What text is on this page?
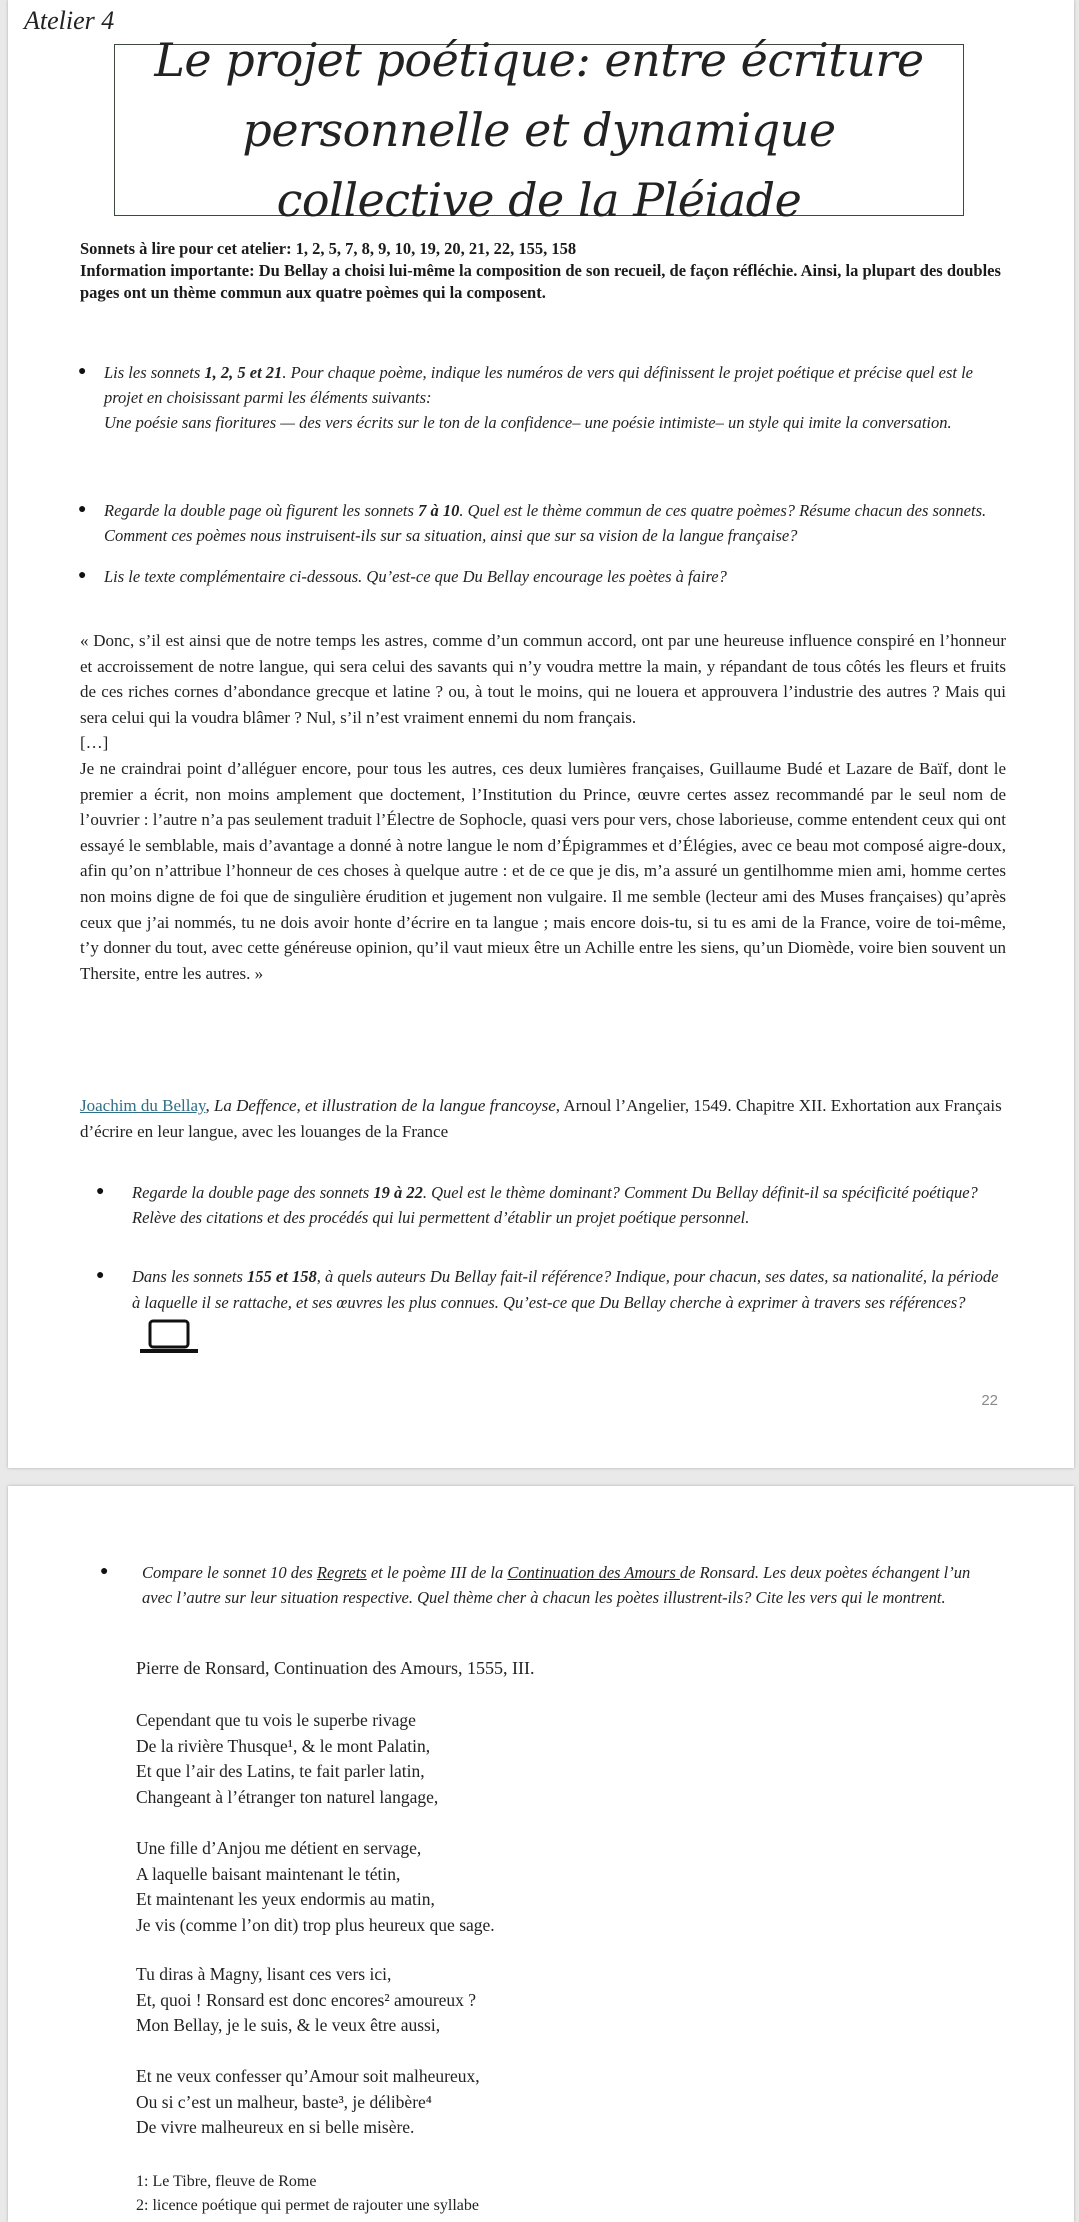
Atelier 4
Le projet poétique: entre écriture personnelle et dynamique collective de la Pléiade
Sonnets à lire pour cet atelier: 1, 2, 5, 7, 8, 9, 10, 19, 20, 21, 22, 155, 158
Information importante: Du Bellay a choisi lui-même la composition de son recueil, de façon réfléchie. Ainsi, la plupart des doubles pages ont un thème commun aux quatre poèmes qui la composent.
● Lis les sonnets 1, 2, 5 et 21. Pour chaque poème, indique les numéros de vers qui définissent le projet poétique et précise quel est le projet en choisissant parmi les éléments suivants:
Une poésie sans fioritures — des vers écrits sur le ton de la confidence– une poésie intimiste– un style qui imite la conversation.
● Regarde la double page où figurent les sonnets 7 à 10. Quel est le thème commun de ces quatre poèmes? Résume chacun des sonnets. Comment ces poèmes nous instruisent-ils sur sa situation, ainsi que sur sa vision de la langue française?
● Lis le texte complémentaire ci-dessous. Qu’est-ce que Du Bellay encourage les poètes à faire?
« Donc, s’il est ainsi que de notre temps les astres, comme d’un commun accord, ont par une heureuse influence conspiré en l’honneur et accroissement de notre langue, qui sera celui des savants qui n’y voudra mettre la main, y répandant de tous côtés les fleurs et fruits de ces riches cornes d’abondance grecque et latine ? ou, à tout le moins, qui ne louera et approuvera l’industrie des autres ? Mais qui sera celui qui la voudra blâmer ? Nul, s’il n’est vraiment ennemi du nom français.
[…]
Je ne craindrai point d’alléguer encore, pour tous les autres, ces deux lumières françaises, Guillaume Budé et Lazare de Baïf, dont le premier a écrit, non moins amplement que doctement, l’Institution du Prince, œuvre certes assez recommandé par le seul nom de l’ouvrier : l’autre n’a pas seulement traduit l’Électre de Sophocle, quasi vers pour vers, chose laborieuse, comme entendent ceux qui ont essayé le semblable, mais d’avantage a donné à notre langue le nom d’Épigrammes et d’Élégies, avec ce beau mot composé aigre-doux, afin qu’on n’attribue l’honneur de ces choses à quelque autre : et de ce que je dis, m’a assuré un gentilhomme mien ami, homme certes non moins digne de foi que de singulière érudition et jugement non vulgaire. Il me semble (lecteur ami des Muses françaises) qu’après ceux que j’ai nommés, tu ne dois avoir honte d’écrire en ta langue ; mais encore dois-tu, si tu es ami de la France, voire de toi-même, t’y donner du tout, avec cette généreuse opinion, qu’il vaut mieux être un Achille entre les siens, qu’un Diomède, voire bien souvent un Thersite, entre les autres. »
Joachim du Bellay, La Deffence, et illustration de la langue francoyse, Arnoul l’Angelier, 1549. Chapitre XII. Exhortation aux Français d’écrire en leur langue, avec les louanges de la France
● Regarde la double page des sonnets 19 à 22. Quel est le thème dominant? Comment Du Bellay définit-il sa spécificité poétique? Relève des citations et des procédés qui lui permettent d’établir un projet poétique personnel.
● Dans les sonnets 155 et 158, à quels auteurs Du Bellay fait-il référence? Indique, pour chacun, ses dates, sa nationalité, la période à laquelle il se rattache, et ses œuvres les plus connues. Qu’est-ce que Du Bellay cherche à exprimer à travers ses références?
22
● Compare le sonnet 10 des Regrets et le poème III de la Continuation des Amours de Ronsard. Les deux poètes échangent l’un avec l’autre sur leur situation respective. Quel thème cher à chacun les poètes illustrent-ils? Cite les vers qui le montrent.
Pierre de Ronsard, Continuation des Amours, 1555, III.
Cependant que tu vois le superbe rivage
De la rivière Thusque¹, & le mont Palatin,
Et que l’air des Latins, te fait parler latin,
Changeant à l’étranger ton naturel langage,
Une fille d’Anjou me détient en servage,
A laquelle baisant maintenant le tétin,
Et maintenant les yeux endormis au matin,
Je vis (comme l’on dit) trop plus heureux que sage.
Tu diras à Magny, lisant ces vers ici,
Et, quoi ! Ronsard est donc encores² amoureux ?
Mon Bellay, je le suis, & le veux être aussi,
Et ne veux confesser qu’Amour soit malheureux,
Ou si c’est un malheur, baste³, je délibère⁴
De vivre malheureux en si belle misère.
1: Le Tibre, fleuve de Rome
2: licence poétique qui permet de rajouter une syllabe
